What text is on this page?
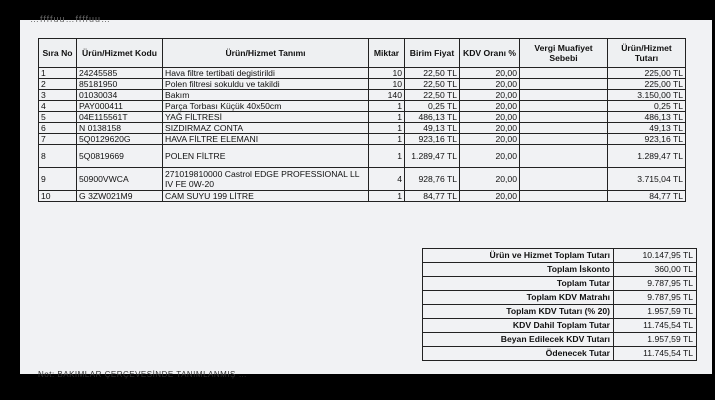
…ffffuu…ffffuu…
Sıra No	Ürün/Hizmet Kodu	Ürün/Hizmet Tanımı	Miktar	Birim Fiyat	KDV Oranı %	Vergi Muafiyet Sebebi	Ürün/Hizmet Tutarı
1	24245585	Hava filtre tertibati degistirildi	10	22,50 TL	20,00		225,00 TL
2	85181950	Polen filtresi sokuldu ve takildi	10	22,50 TL	20,00		225,00 TL
3	01030034	Bakım	140	22,50 TL	20,00		3.150,00 TL
4	PAY000411	Parça Torbası Küçük 40x50cm	1	0,25 TL	20,00		0,25 TL
5	04E115561T	YAĞ FİLTRESİ	1	486,13 TL	20,00		486,13 TL
6	N 0138158	SIZDIRMAZ CONTA	1	49,13 TL	20,00		49,13 TL
7	5Q0129620G	HAVA FİLTRE ELEMANI	1	923,16 TL	20,00		923,16 TL
8	5Q0819669	POLEN FİLTRE	1	1.289,47 TL	20,00		1.289,47 TL
9	50900VWCA	271019810000 Castrol EDGE PROFESSIONAL LL IV FE 0W-20	4	928,76 TL	20,00		3.715,04 TL
10	G 3ZW021M9	CAM SUYU 199 LİTRE	1	84,77 TL	20,00		84,77 TL
Ürün ve Hizmet Toplam Tutarı	10.147,95 TL
Toplam İskonto	360,00 TL
Toplam Tutar	9.787,95 TL
Toplam KDV Matrahı	9.787,95 TL
Toplam KDV Tutarı (% 20)	1.957,59 TL
KDV Dahil Toplam Tutar	11.745,54 TL
Beyan Edilecek KDV Tutarı	1.957,59 TL
Ödenecek Tutar	11.745,54 TL
Not: BAKIMLAR ÇERÇEVESİNDE TANIMLANMIŞ …
